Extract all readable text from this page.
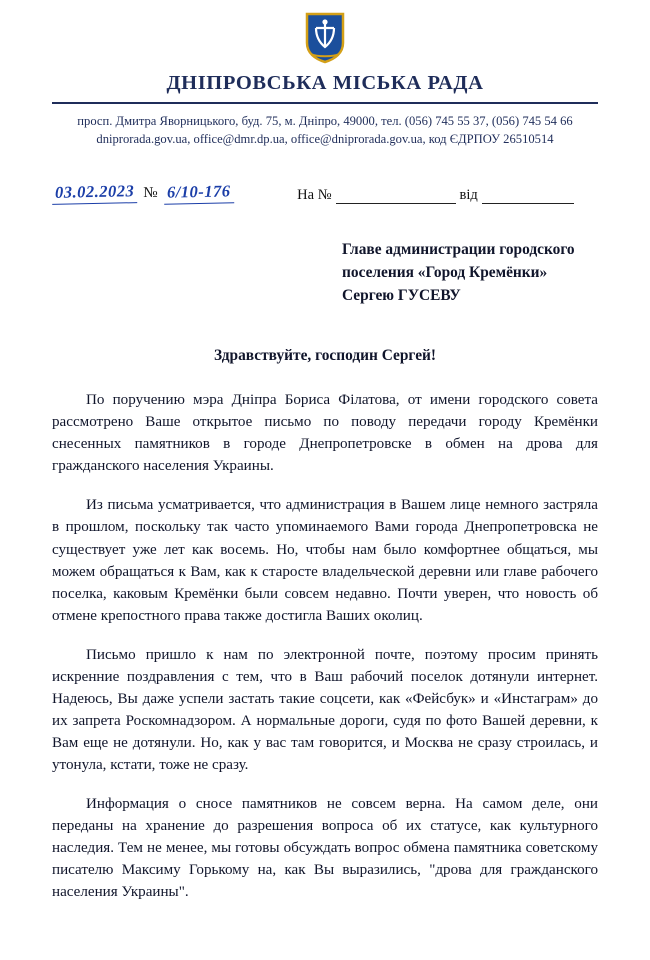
ДНІПРОВСЬКА МІСЬКА РАДА
просп. Дмитра Яворницького, буд. 75, м. Дніпро, 49000, тел. (056) 745 55 37, (056) 745 54 66
dniprorada.gov.ua, office@dmr.dp.ua, office@dniprorada.gov.ua, код ЄДРПОУ 26510514
03.02.2023 № 6/10-176	На №	від
Главе администрации городского
поселения «Город Кремёнки»
Сергею ГУСЕВУ
Здравствуйте, господин Сергей!

По поручению мэра Дніпра Бориса Філатова, от имени городского совета рассмотрено Ваше открытое письмо по поводу передачи городу Кремёнки снесенных памятников в городе Днепропетровске в обмен на дрова для гражданского населения Украины.

Из письма усматривается, что администрация в Вашем лице немного застряла в прошлом, поскольку так часто упоминаемого Вами города Днепропетровска не существует уже лет как восемь. Но, чтобы нам было комфортнее общаться, мы можем обращаться к Вам, как к старосте владельческой деревни или главе рабочего поселка, каковым Кремёнки были совсем недавно. Почти уверен, что новость об отмене крепостного права также достигла Ваших околиц.

Письмо пришло к нам по электронной почте, поэтому просим принять искренние поздравления с тем, что в Ваш рабочий поселок дотянули интернет. Надеюсь, Вы даже успели застать такие соцсети, как «Фейсбук» и «Инстаграм» до их запрета Роскомнадзором. А нормальные дороги, судя по фото Вашей деревни, к Вам еще не дотянули. Но, как у вас там говорится, и Москва не сразу строилась, и утонула, кстати, тоже не сразу.

Информация о сносе памятников не совсем верна. На самом деле, они переданы на хранение до разрешения вопроса об их статусе, как культурного наследия. Тем не менее, мы готовы обсуждать вопрос обмена памятника советскому писателю Максиму Горькому на, как Вы выразились, "дрова для гражданского населения Украины".
